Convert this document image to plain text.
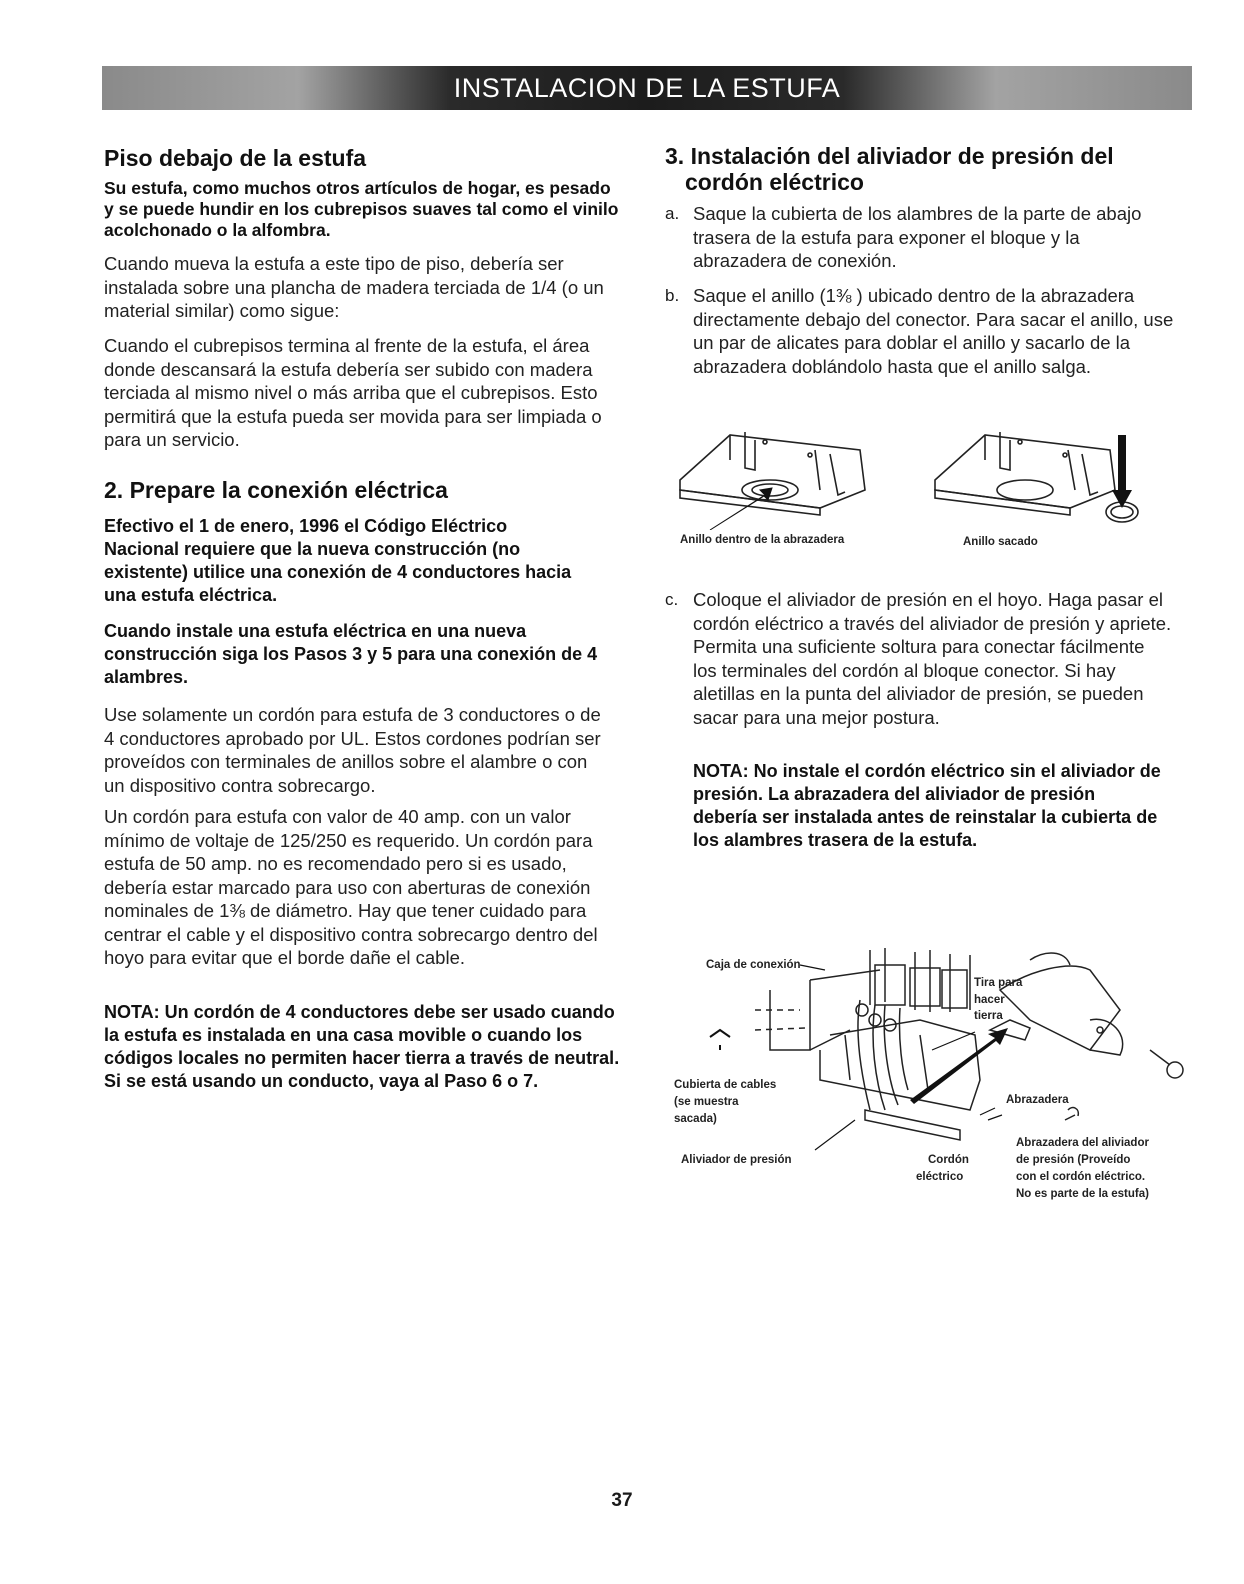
INSTALACION DE LA ESTUFA
Piso debajo de la estufa

Su estufa, como muchos otros artículos de hogar, es pesado y se puede hundir en los cubrepisos suaves tal como el vinilo acolchonado o la alfombra.

Cuando mueva la estufa a este tipo de piso, debería ser instalada sobre una plancha de madera terciada de 1/4 (o un material similar) como sigue:

Cuando el cubrepisos termina al frente de la estufa, el área donde descansará la estufa debería ser subido con madera terciada al mismo nivel o más arriba que el cubrepisos. Esto permitirá que la estufa pueda ser movida para ser limpiada o para un servicio.

2. Prepare la conexión eléctrica

Efectivo el 1 de enero, 1996 el Código Eléctrico Nacional requiere que la nueva construcción (no existente) utilice una conexión de 4 conductores hacia una estufa eléctrica.

Cuando instale una estufa eléctrica en una nueva construcción siga los Pasos 3 y 5 para una conexión de 4 alambres.

Use solamente un cordón para estufa de 3 conductores o de 4 conductores aprobado por UL. Estos cordones podrían ser proveídos con terminales de anillos sobre el alambre o con un dispositivo contra sobrecargo.

Un cordón para estufa con valor de 40 amp. con un valor mínimo de voltaje de 125/250 es requerido. Un cordón para estufa de 50 amp. no es recomendado pero si es usado, debería estar marcado para uso con aberturas de conexión nominales de 1⅜ de diámetro. Hay que tener cuidado para centrar el cable y el dispositivo contra sobrecargo dentro del hoyo para evitar que el borde dañe el cable.

NOTA: Un cordón de 4 conductores debe ser usado cuando la estufa es instalada en una casa movible o cuando los códigos locales no permiten hacer tierra a través de neutral. Si se está usando un conducto, vaya al Paso 6 o 7.

3. Instalación del aliviador de presión del cordón eléctrico
a. Saque la cubierta de los alambres de la parte de abajo trasera de la estufa para exponer el bloque y la abrazadera de conexión.
b. Saque el anillo (1⅜ ) ubicado dentro de la abrazadera directamente debajo del conector. Para sacar el anillo, use un par de alicates para doblar el anillo y sacarlo de la abrazadera doblándolo hasta que el anillo salga.
Anillo dentro de la abrazadera	Anillo sacado
c. Coloque el aliviador de presión en el hoyo. Haga pasar el cordón eléctrico a través del aliviador de presión y apriete. Permita una suficiente soltura para conectar fácilmente los terminales del cordón al bloque conector. Si hay aletillas en la punta del aliviador de presión, se pueden sacar para una mejor postura.

NOTA: No instale el cordón eléctrico sin el aliviador de presión. La abrazadera del aliviador de presión debería ser instalada antes de reinstalar la cubierta de los alambres trasera de la estufa.

Caja de conexión
Tira para
hacer
tierra
Cubierta de cables
(se muestra
sacada)
Abrazadera
Aliviador de presión	Cordón
eléctrico
Abrazadera del aliviador
de presión (Proveído
con el cordón eléctrico.
No es parte de la estufa)
37
